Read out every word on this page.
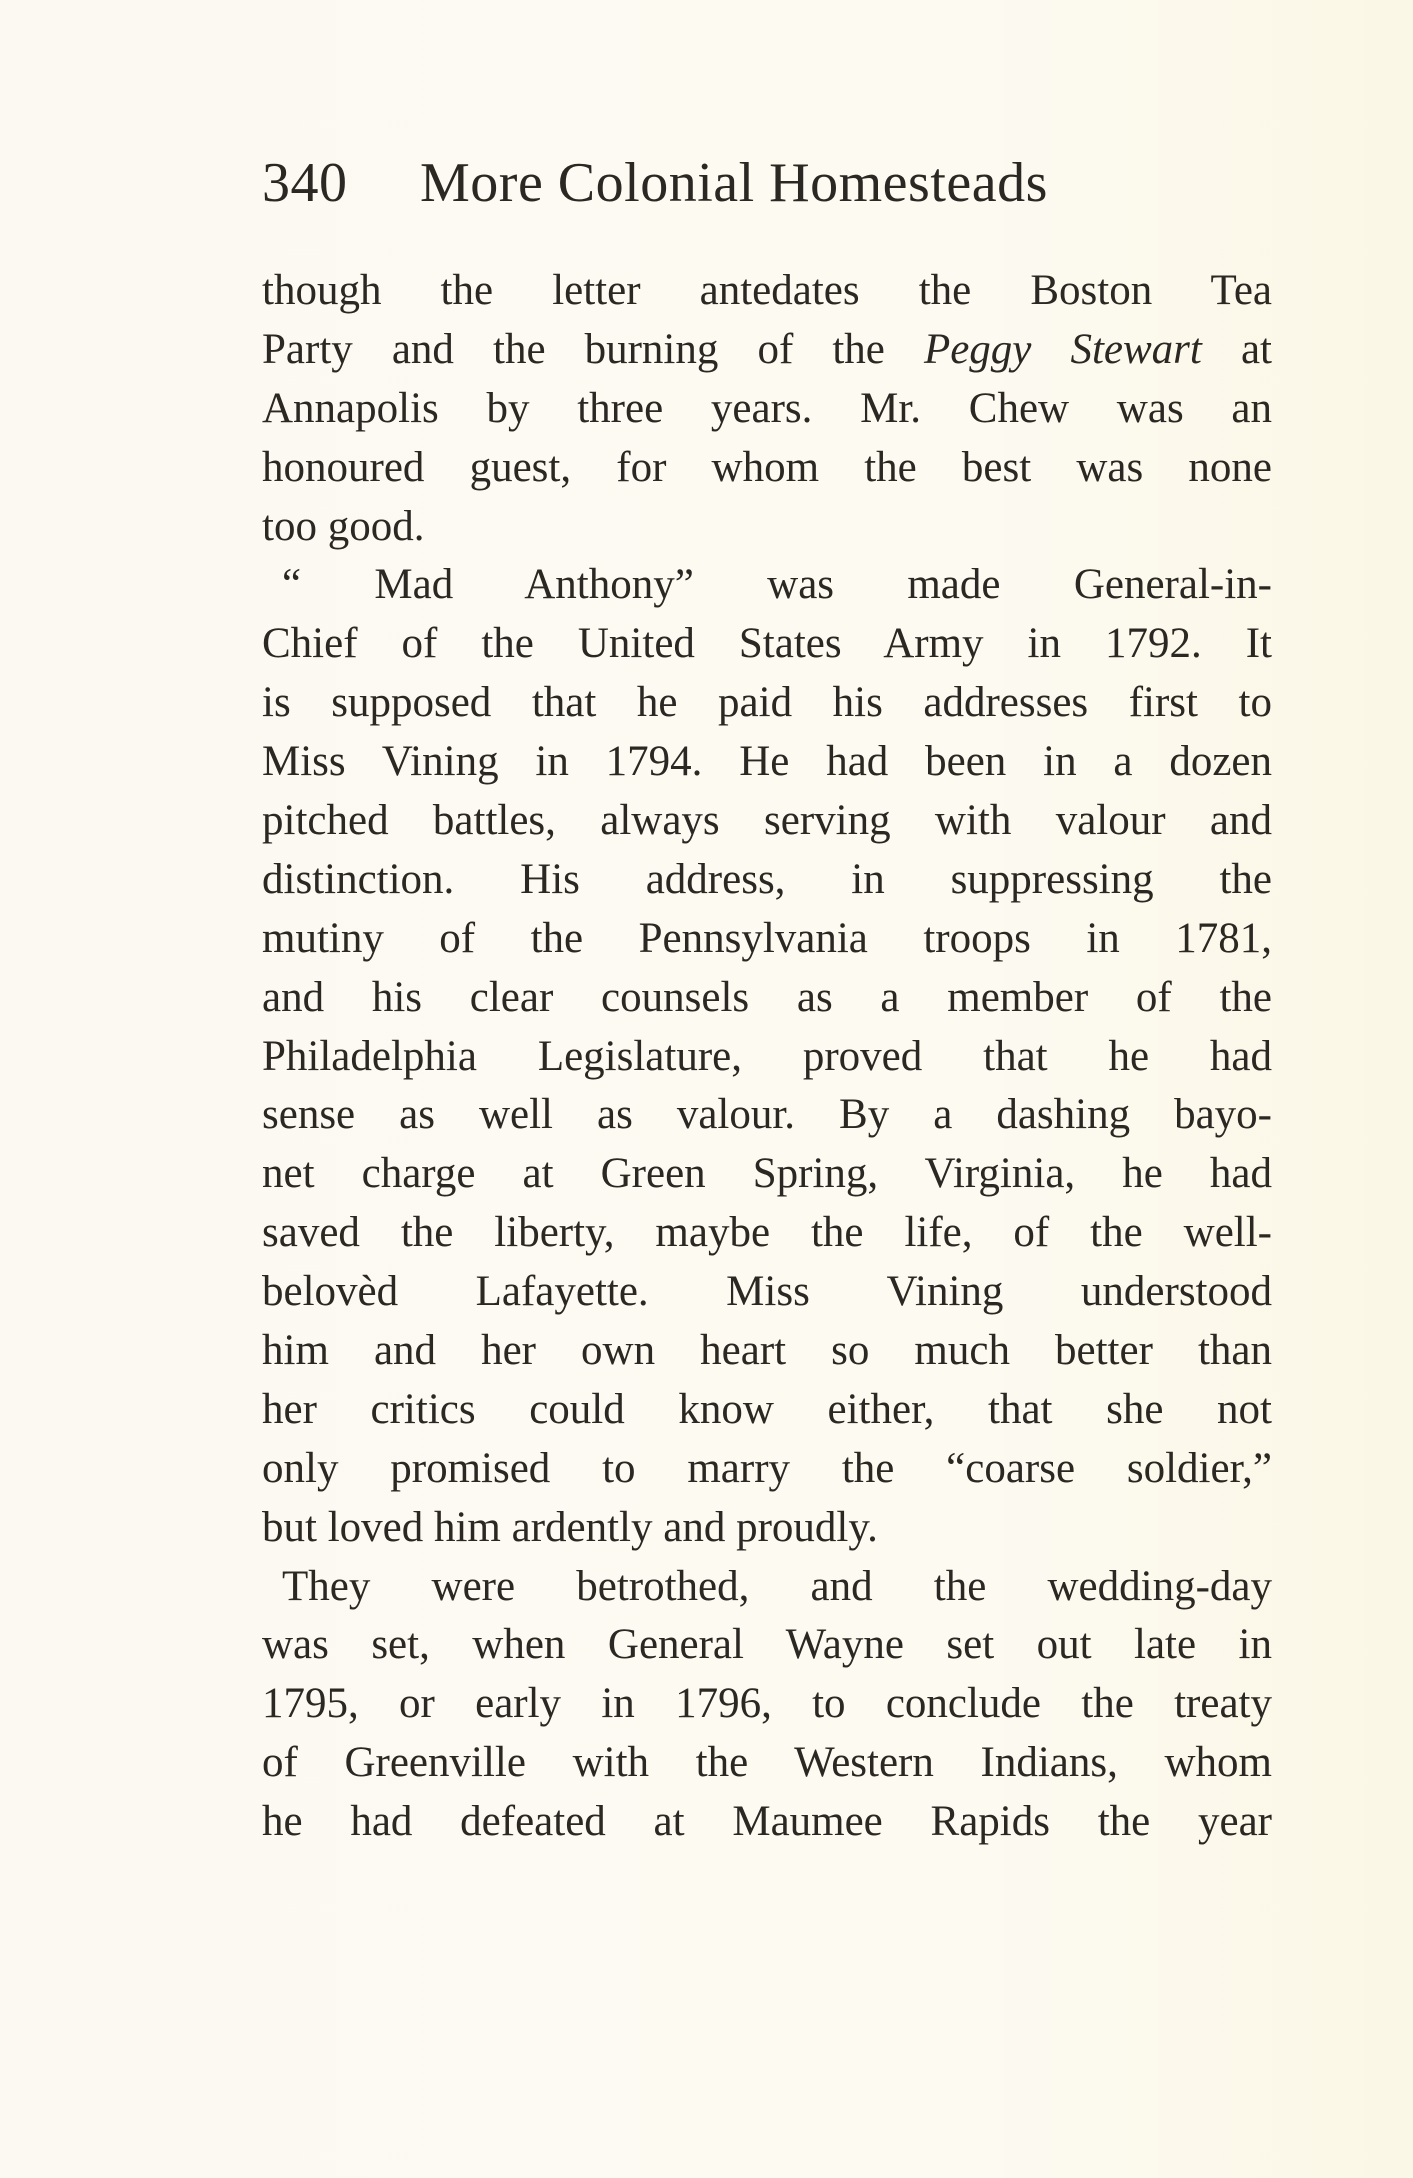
340 More Colonial Homesteads
though the letter antedates the Boston Tea
Party and the burning of the Peggy Stewart at
Annapolis by three years. Mr. Chew was an
honoured guest, for whom the best was none
too good.
“ Mad Anthony” was made General-in-
Chief of the United States Army in 1792. It
is supposed that he paid his addresses first to
Miss Vining in 1794. He had been in a dozen
pitched battles, always serving with valour and
distinction. His address, in suppressing the
mutiny of the Pennsylvania troops in 1781,
and his clear counsels as a member of the
Philadelphia Legislature, proved that he had
sense as well as valour. By a dashing bayo-
net charge at Green Spring, Virginia, he had
saved the liberty, maybe the life, of the well-
belovèd Lafayette. Miss Vining understood
him and her own heart so much better than
her critics could know either, that she not
only promised to marry the “coarse soldier,”
but loved him ardently and proudly.
They were betrothed, and the wedding-day
was set, when General Wayne set out late in
1795, or early in 1796, to conclude the treaty
of Greenville with the Western Indians, whom
he had defeated at Maumee Rapids the year
